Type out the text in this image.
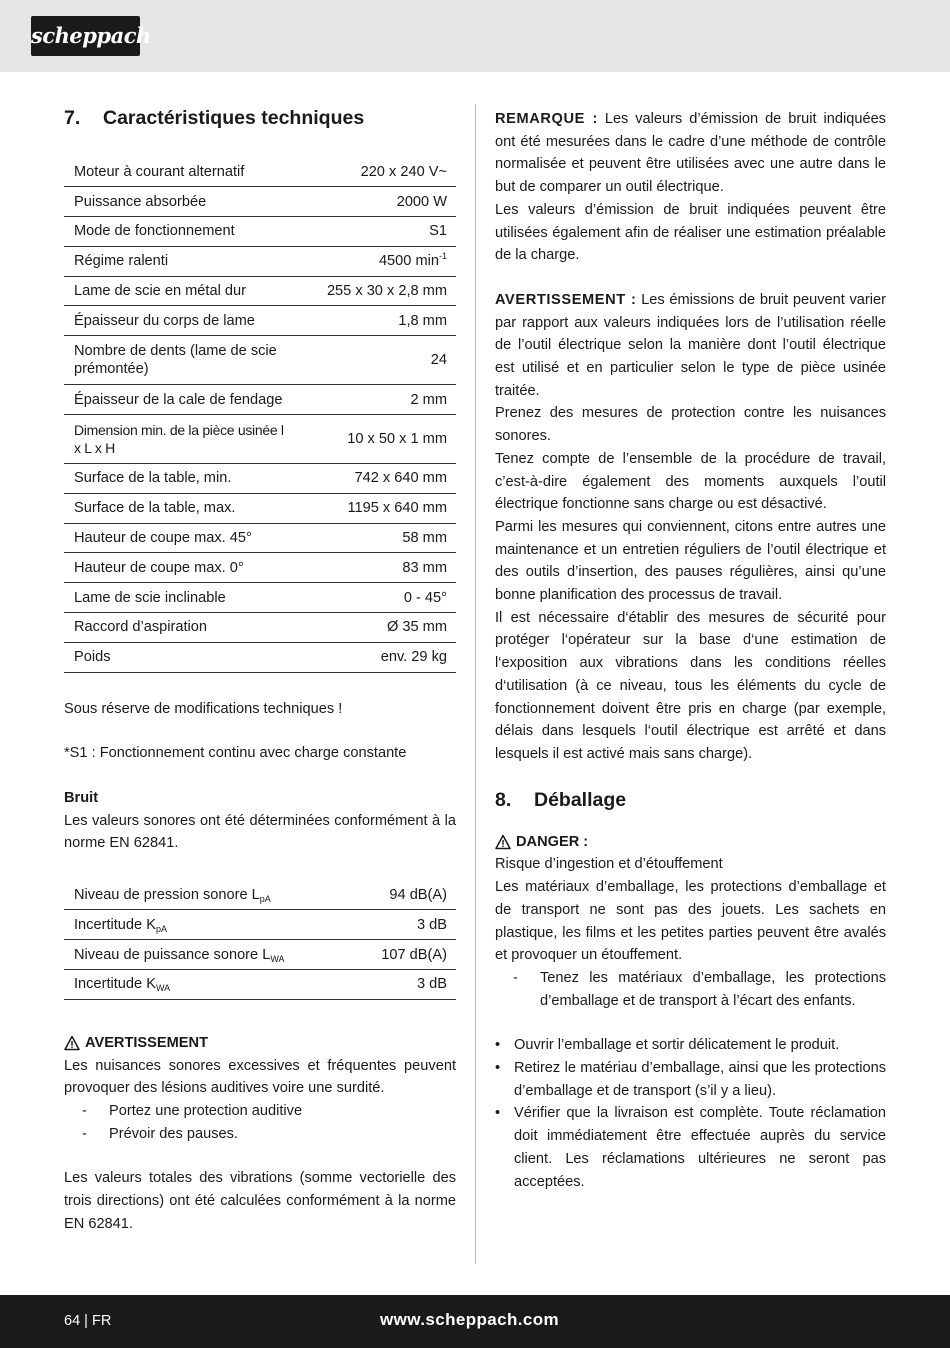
scheppach
7.	Caractéristiques techniques
Moteur à courant alternatif	220 x 240 V~
Puissance absorbée	2000 W
Mode de fonctionnement	S1
Régime ralenti	4500 $\min^{-1}$
Lame de scie en métal dur	255 x 30 x 2,8 mm
Épaisseur du corps de lame	1,8 mm
Nombre de dents (lame de scie prémontée)	24
Épaisseur de la cale de fendage	2 mm
Dimension min. de la pièce usinée l x L x H	10 x 50 x 1 mm
Surface de la table, min.	742 x 640 mm
Surface de la table, max.	1195 x 640 mm
Hauteur de coupe max. 45°	58 mm
Hauteur de coupe max. 0°	83 mm
Lame de scie inclinable	0 - 45°
Raccord d’aspiration	Ø 35 mm
Poids	env. 29 kg

Sous réserve de modifications techniques !

*S1 : Fonctionnement continu avec charge constante

Bruit

Les valeurs sonores ont été déterminées conformément à la norme EN 62841.

Niveau de pression sonore $L_{pA}$	94 dB(A)
Incertitude $K_{pA}$	3 dB
Niveau de puissance sonore $L_{WA}$	107 dB(A)
Incertitude $K_{WA}$	3 dB
AVERTISSEMENT

Les nuisances sonores excessives et fréquentes peuvent provoquer des lésions auditives voire une surdité.

-	Portez une protection auditive
-	Prévoir des pauses.

Les valeurs totales des vibrations (somme vectorielle des trois directions) ont été calculées conformément à la norme EN 62841.

REMARQUE : Les valeurs d’émission de bruit indiquées ont été mesurées dans le cadre d’une méthode de contrôle normalisée et peuvent être utilisées avec une autre dans le but de comparer un outil électrique.

Les valeurs d’émission de bruit indiquées peuvent être utilisées également afin de réaliser une estimation préalable de la charge.

AVERTISSEMENT : Les émissions de bruit peuvent varier par rapport aux valeurs indiquées lors de l’utilisation réelle de l’outil électrique selon la manière dont l’outil électrique est utilisé et en particulier selon le type de pièce usinée traitée.

Prenez des mesures de protection contre les nuisances sonores.

Tenez compte de l’ensemble de la procédure de travail, c’est-à-dire également des moments auxquels l’outil électrique fonctionne sans charge ou est désactivé.

Parmi les mesures qui conviennent, citons entre autres une maintenance et un entretien réguliers de l’outil électrique et des outils d’insertion, des pauses régulières, ainsi qu’une bonne planification des processus de travail.

Il est nécessaire d‘établir des mesures de sécurité pour protéger l‘opérateur sur la base d‘une estimation de l‘exposition aux vibrations dans les conditions réelles d‘utilisation (à ce niveau, tous les éléments du cycle de fonctionnement doivent être pris en charge (par exemple, délais dans lesquels l‘outil électrique est arrêté et dans lesquels il est activé mais sans charge).

8.	Déballage
DANGER :

Risque d’ingestion et d’étouffement

Les matériaux d’emballage, les protections d’emballage et de transport ne sont pas des jouets. Les sachets en plastique, les films et les petites parties peuvent être avalés et provoquer un étouffement.

-	Tenez les matériaux d’emballage, les protections d’emballage et de transport à l’écart des enfants.
• Ouvrir l’emballage et sortir délicatement le produit.
• Retirez le matériau d’emballage, ainsi que les protections d’emballage et de transport (s’il y a lieu).
• Vérifier que la livraison est complète. Toute réclamation doit immédiatement être effectuée auprès du service client. Les réclamations ultérieures ne seront pas acceptées.
64 | FR	www.scheppach.com
